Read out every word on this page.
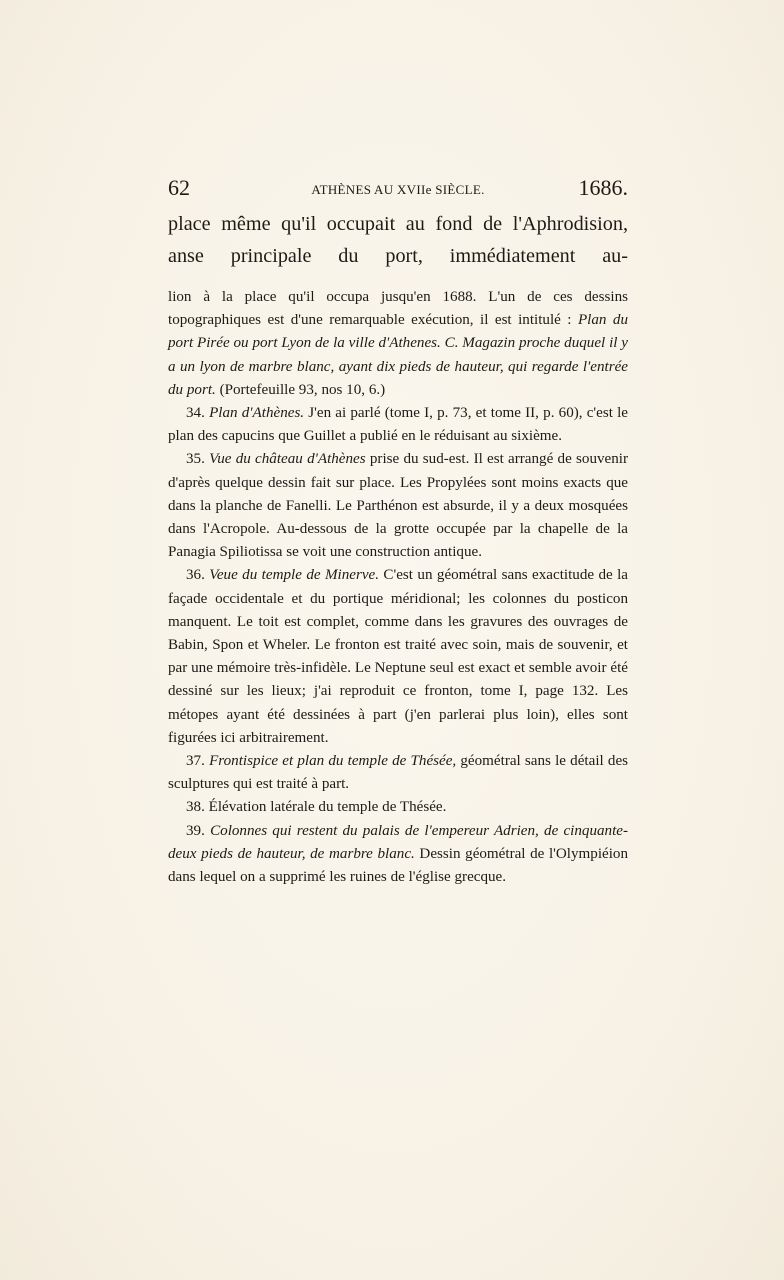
62	ATHÈNES AU XVIIe SIÈCLE.	1686.

place même qu'il occupait au fond de l'Aphrodision, anse principale du port, immédiatement au-

lion à la place qu'il occupa jusqu'en 1688. L'un de ces dessins topographiques est d'une remarquable exécution, il est intitulé : Plan du port Pirée ou port Lyon de la ville d'Athenes. C. Magazin proche duquel il y a un lyon de marbre blanc, ayant dix pieds de hauteur, qui regarde l'entrée du port. (Portefeuille 93, nos 10, 6.)

34. Plan d'Athènes. J'en ai parlé (tome I, p. 73, et tome II, p. 60), c'est le plan des capucins que Guillet a publié en le réduisant au sixième.

35. Vue du château d'Athènes prise du sud-est. Il est arrangé de souvenir d'après quelque dessin fait sur place. Les Propylées sont moins exacts que dans la planche de Fanelli. Le Parthénon est absurde, il y a deux mosquées dans l'Acropole. Au-dessous de la grotte occupée par la chapelle de la Panagia Spiliotissa se voit une construction antique.

36. Veue du temple de Minerve. C'est un géométral sans exactitude de la façade occidentale et du portique méridional; les colonnes du posticon manquent. Le toit est complet, comme dans les gravures des ouvrages de Babin, Spon et Wheler. Le fronton est traité avec soin, mais de souvenir, et par une mémoire très-infidèle. Le Neptune seul est exact et semble avoir été dessiné sur les lieux; j'ai reproduit ce fronton, tome I, page 132. Les métopes ayant été dessinées à part (j'en parlerai plus loin), elles sont figurées ici arbitrairement.

37. Frontispice et plan du temple de Thésée, géométral sans le détail des sculptures qui est traité à part.

38. Élévation latérale du temple de Thésée.

39. Colonnes qui restent du palais de l'empereur Adrien, de cinquante-deux pieds de hauteur, de marbre blanc. Dessin géométral de l'Olympiéion dans lequel on a supprimé les ruines de l'église grecque.
